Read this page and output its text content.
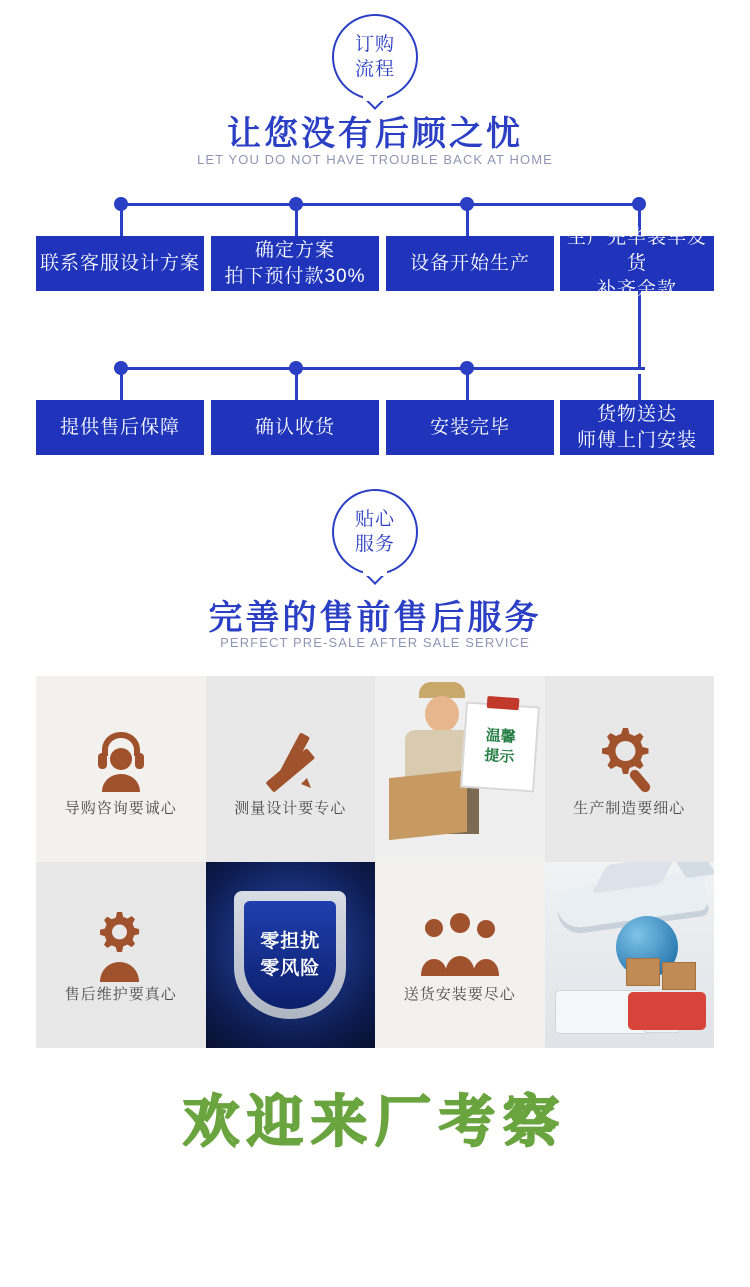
订购
流程
让您没有后顾之忧
LET YOU DO NOT HAVE TROUBLE BACK AT HOME
联系客服设计方案
确定方案
拍下预付款30%
设备开始生产
生产完毕装车发货
补齐余款
提供售后保障	确认收货	安装完毕
货物送达
师傅上门安装
贴心
服务
完善的售前售后服务
PERFECT PRE-SALE AFTER SALE SERVICE
导购咨询要诚心	测量设计要专心
温馨
提示
生产制造要细心
售后维护要真心
零担扰
零风险
送货安装要尽心
欢迎来厂考察
